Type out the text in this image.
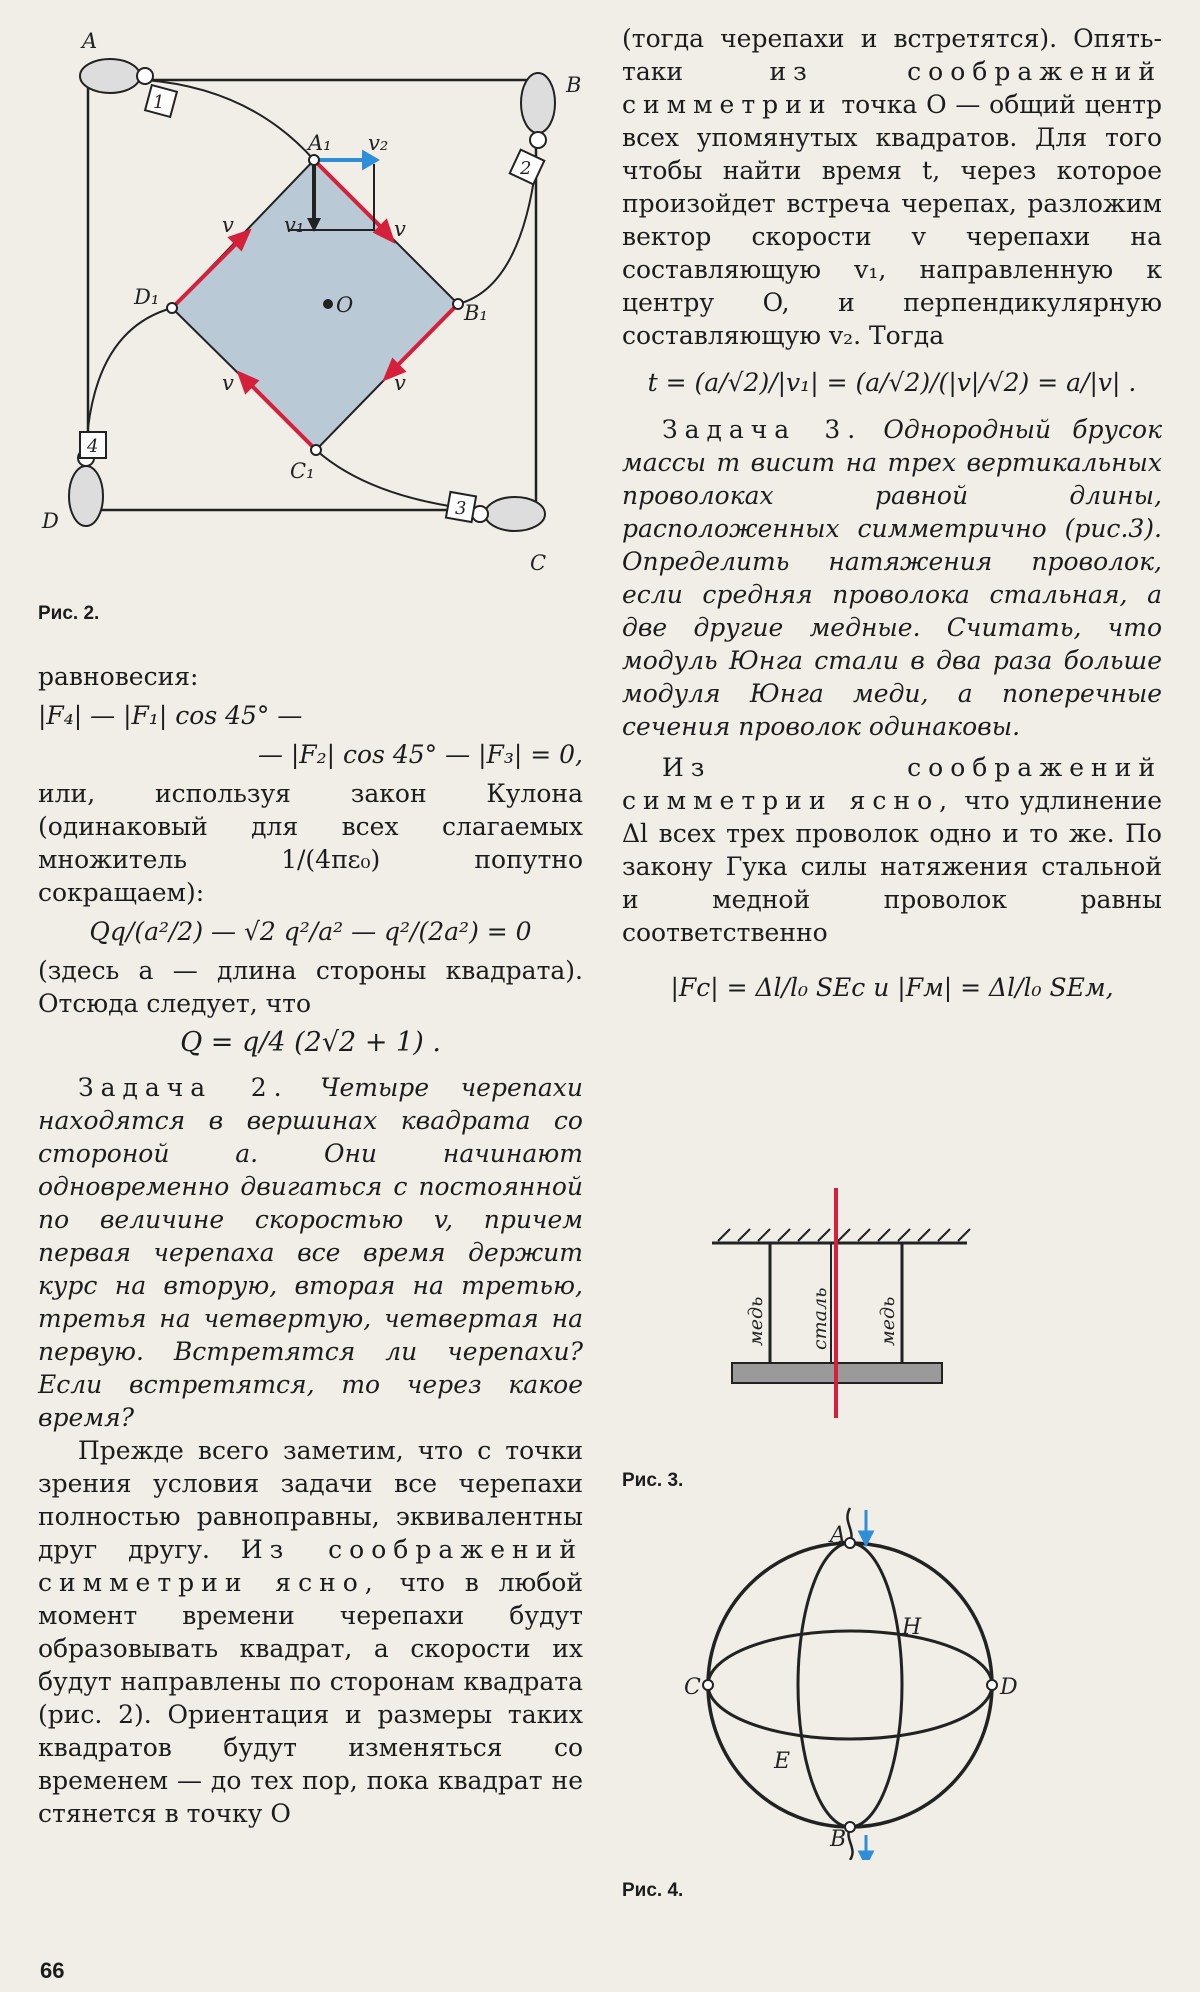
1
2
3
4
A
B
C
D
A₁
B₁
C₁
D₁	O
v	v
v	v
v₁
v₂
Рис. 2.

равновесия:

|F₄| — |F₁| cos 45° —

— |F₂| cos 45° — |F₃| = 0,

или, используя закон Кулона (одинаковый для всех слагаемых множитель 1/(4πε₀) попутно сокращаем):

Qq/(a²/2) — √2 q²/a² — q²/(2a²) = 0

(здесь a — длина стороны квадрата). Отсюда следует, что

Q = q/4 (2√2 + 1) .

Задача 2. Четыре черепахи находятся в вершинах квадрата со стороной a. Они начинают одновременно двигаться с постоянной по величине скоростью v, причем первая черепаха все время держит курс на вторую, вторая на третью, третья на четвертую, четвертая на первую. Встретятся ли черепахи? Если встретятся, то через какое время?

Прежде всего заметим, что с точки зрения условия задачи все черепахи полностью равноправны, эквивалентны друг другу. Из соображений симметрии ясно, что в любой момент времени черепахи будут образовывать квадрат, а скорости их будут направлены по сторонам квадрата (рис. 2). Ориентация и размеры таких квадратов будут изменяться со временем — до тех пор, пока квадрат не стянется в точку O

(тогда черепахи и встретятся). Опять-таки	из соображений симметрии точка O — общий центр всех упомянутых квадратов. Для того чтобы найти время t, через которое произойдет встреча черепах, разложим вектор скорости v черепахи на составляющую v₁, направленную к центру O, и перпендикулярную составляющую v₂. Тогда

t = (a/√2)/|v₁| = (a/√2)/(|v|/√2) = a/|v| .

Задача 3. Однородный брусок массы m висит на трех вертикальных проволоках равной длины, расположенных симметрично (рис.3). Определить натяжения проволок, если средняя проволока стальная, а две другие медные. Считать, что модуль Юнга стали в два раза больше модуля Юнга меди, а поперечные сечения проволок одинаковы.

Из соображений симметрии ясно, что удлинение Δl всех трех проволок одно и то же. По закону Гука силы натяжения стальной и медной проволок равны соответственно

|Fс| = Δl/l₀ SEс и |Fм| = Δl/l₀ SEм,

медь сталь медь
Рис. 3.
A
B
C	D
E
H
Рис. 4.
66
